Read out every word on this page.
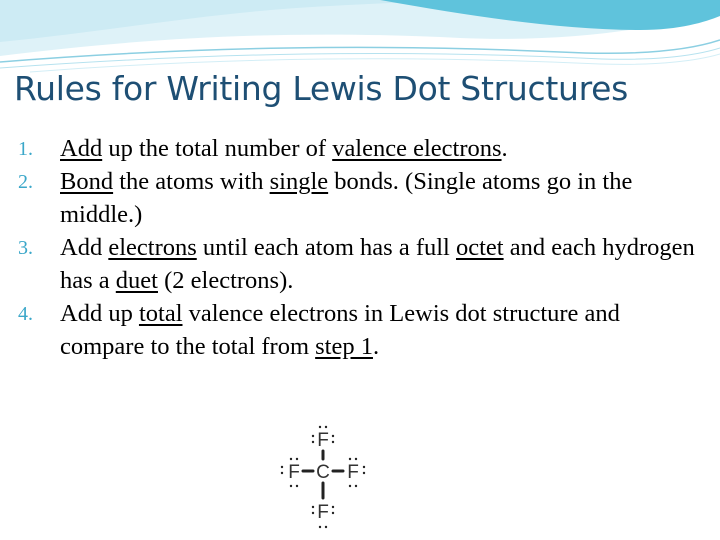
Rules for Writing Lewis Dot Structures
1. Add up the total number of valence electrons.
2. Bond the atoms with single bonds. (Single atoms go in the middle.)
3. Add electrons until each atom has a full octet and each hydrogen has a duet (2 electrons).
4. Add up total valence electrons in Lewis dot structure and compare to the total from step 1.
F
F C F
F
